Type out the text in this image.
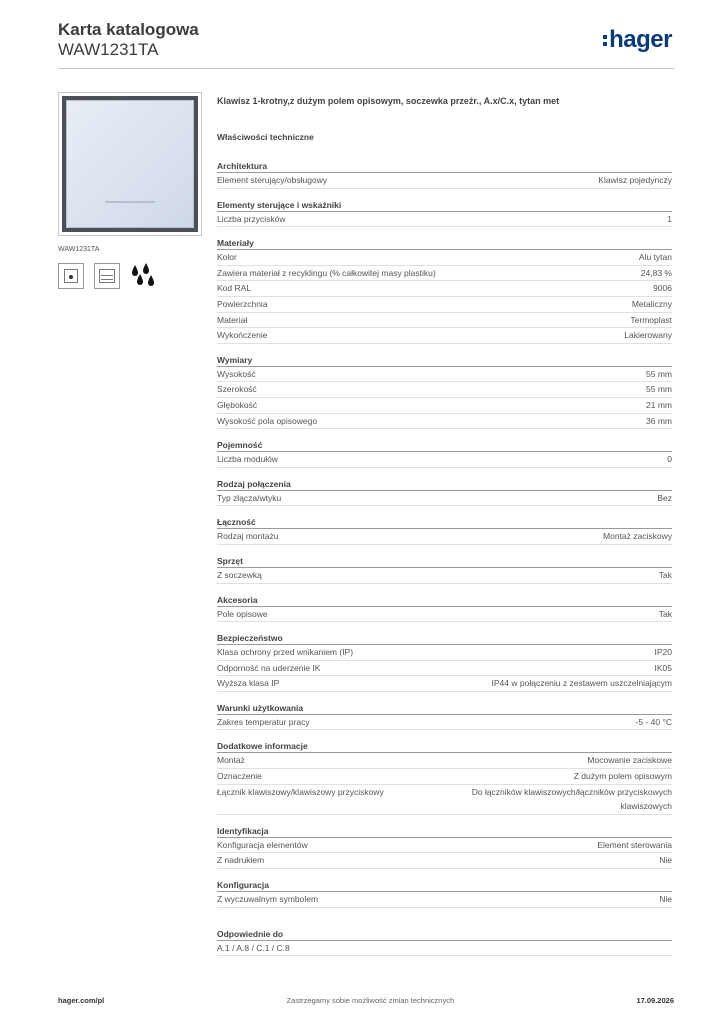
Karta katalogowa
WAW1231TA	hager
WAW1231TA
Klawisz 1-krotny,z dużym polem opisowym, soczewka przeźr., A.x/C.x, tytan met
Właściwości techniczne
Architektura
Element sterujący/obsługowy	Klawisz pojedynczy
Elementy sterujące i wskaźniki
Liczba przycisków	1
Materiały
Kolor	Alu tytan
Zawiera materiał z recyklingu (% całkowitej masy plastiku)	24,83 %
Kod RAL	9006
Powierzchnia	Metaliczny
Materiał	Termoplast
Wykończenie	Lakierowany
Wymiary
Wysokość	55 mm
Szerokość	55 mm
Głębokość	21 mm
Wysokość pola opisowego	36 mm
Pojemność
Liczba modułów	0
Rodzaj połączenia
Typ złącza/wtyku	Bez
Łączność
Rodzaj montażu	Montaż zaciskowy
Sprzęt
Z soczewką	Tak
Akcesoria
Pole opisowe	Tak
Bezpieczeństwo
Klasa ochrony przed wnikaniem (IP)	IP20
Odporność na uderzenie IK	IK05
Wyższa klasa IP	IP44 w połączeniu z zestawem uszczelniającym
Warunki użytkowania
Zakres temperatur pracy	-5 - 40 °C
Dodatkowe informacje
Montaż	Mocowanie zaciskowe
Oznaczenie	Z dużym polem opisowym
Łącznik klawiszowy/klawiszowy przyciskowy	Do łączników klawiszowych/łączników przyciskowych klawiszowych
Identyfikacja
Konfiguracja elementów	Element sterowania
Z nadrukiem	Nie
Konfiguracja
Z wyczuwalnym symbolem	Nie
Odpowiednie do
A.1 / A.8 / C.1 / C.8
hager.com/pl	Zastrzegamy sobie możliwość zmian technicznych	17.09.2026
